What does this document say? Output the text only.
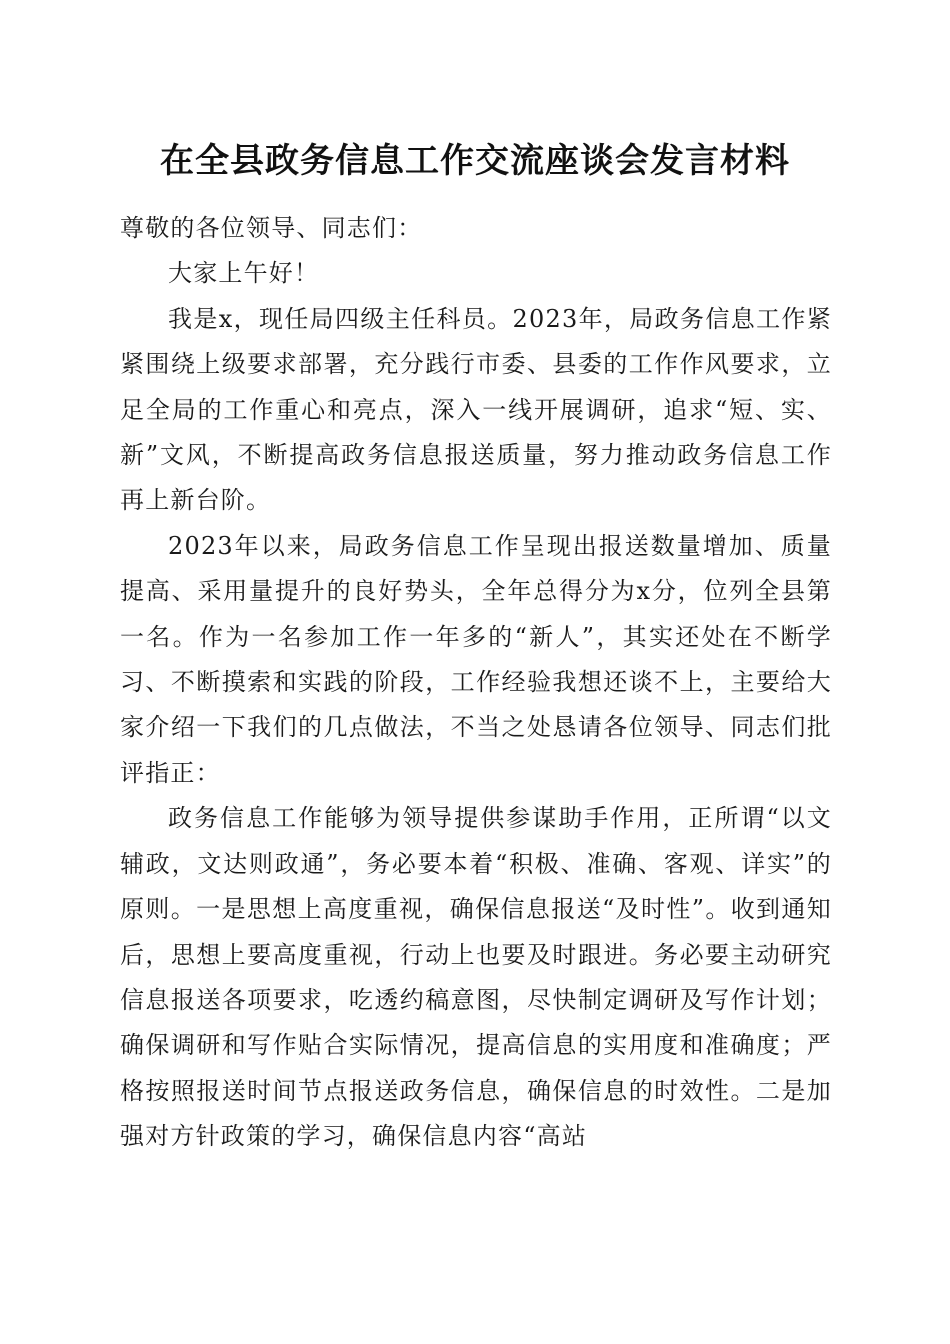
在全县政务信息工作交流座谈会发言材料

尊敬的各位领导、同志们：

大家上午好！

我是x，现任局四级主任科员。2023年，局政务信息工作紧紧围绕上级要求部署，充分践行市委、县委的工作作风要求，立足全局的工作重心和亮点，深入一线开展调研，追求“短、实、新”文风，不断提高政务信息报送质量，努力推动政务信息工作再上新台阶。

2023年以来，局政务信息工作呈现出报送数量增加、质量提高、采用量提升的良好势头，全年总得分为x分，位列全县第一名。作为一名参加工作一年多的“新人”，其实还处在不断学习、不断摸索和实践的阶段，工作经验我想还谈不上，主要给大家介绍一下我们的几点做法，不当之处恳请各位领导、同志们批评指正：

政务信息工作能够为领导提供参谋助手作用，正所谓“以文辅政，文达则政通”，务必要本着“积极、准确、客观、详实”的原则。一是思想上高度重视，确保信息报送“及时性”。收到通知后，思想上要高度重视，行动上也要及时跟进。务必要主动研究信息报送各项要求，吃透约稿意图，尽快制定调研及写作计划；确保调研和写作贴合实际情况，提高信息的实用度和准确度；严格按照报送时间节点报送政务信息，确保信息的时效性。二是加强对方针政策的学习，确保信息内容“高站
